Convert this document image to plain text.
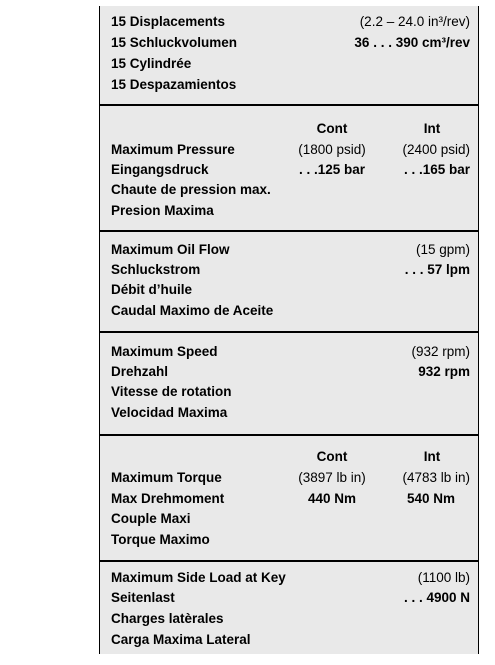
15 Displacements	(2.2 – 24.0 in³/rev)
15 Schluckvolumen	36 . . . 390 cm³/rev
15 Cylindrée
15 Despazamientos
Cont	Int
Maximum Pressure	(1800 psid)	(2400 psid)
Eingangsdruck	. . .125 bar	. . .165 bar
Chaute de pression max.
Presion Maxima
Maximum Oil Flow	(15 gpm)
Schluckstrom	. . . 57 lpm
Débit d’huile
Caudal Maximo de Aceite
Maximum Speed	(932 rpm)
Drehzahl	932 rpm
Vitesse de rotation
Velocidad Maxima
Cont	Int
Maximum Torque	(3897 lb in)	(4783 lb in)
Max Drehmoment	440 Nm	540 Nm
Couple Maxi
Torque Maximo
Maximum Side Load at Key	(1100 lb)
Seitenlast	. . . 4900 N
Charges latèrales
Carga Maxima Lateral
